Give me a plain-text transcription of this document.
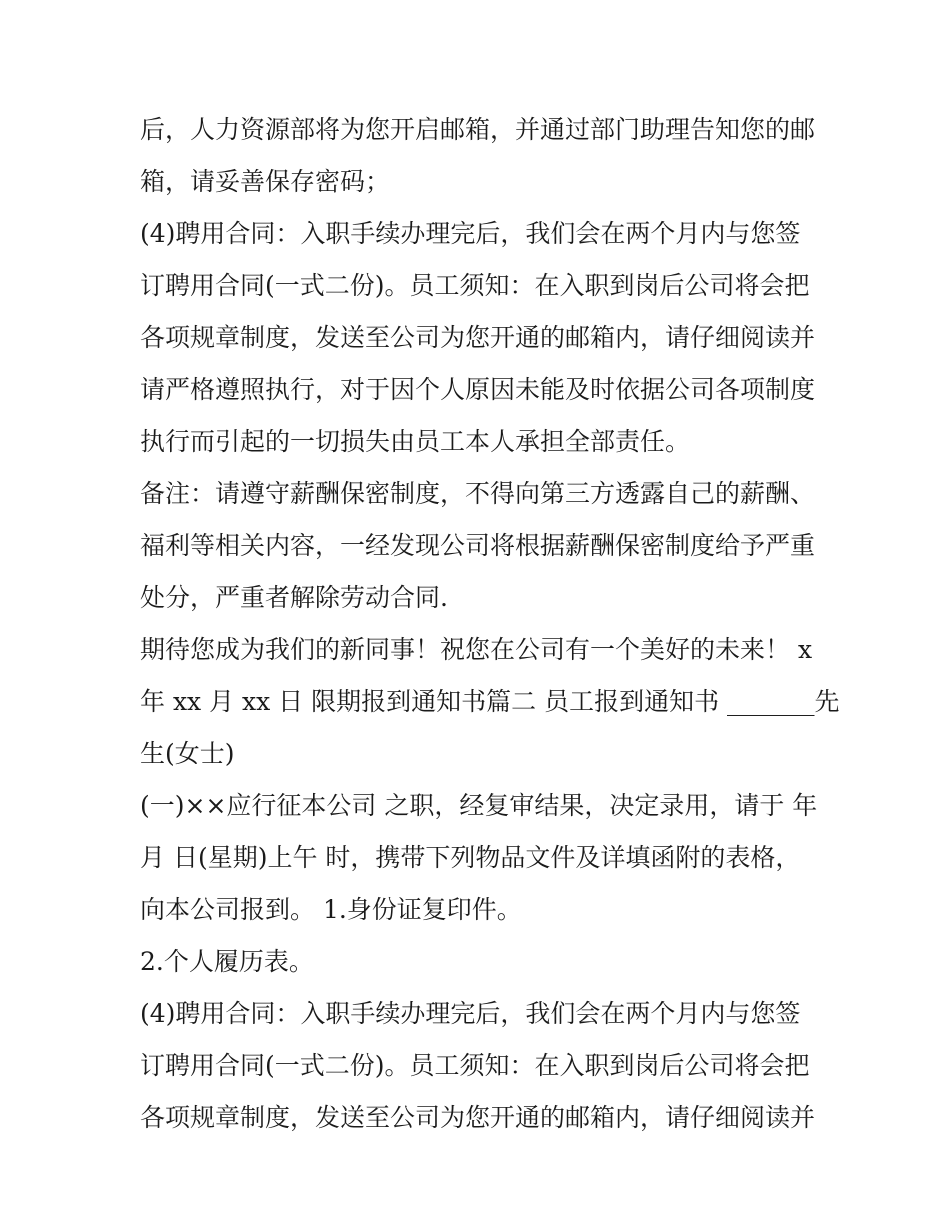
后，人力资源部将为您开启邮箱，并通过部门助理告知您的邮
箱，请妥善保存密码；
(4)聘用合同：入职手续办理完后，我们会在两个月内与您签
订聘用合同(一式二份)。员工须知：在入职到岗后公司将会把
各项规章制度，发送至公司为您开通的邮箱内，请仔细阅读并
请严格遵照执行，对于因个人原因未能及时依据公司各项制度
执行而引起的一切损失由员工本人承担全部责任。
备注：请遵守薪酬保密制度，不得向第三方透露自己的薪酬、
福利等相关内容，一经发现公司将根据薪酬保密制度给予严重
处分，严重者解除劳动合同.
期待您成为我们的新同事！祝您在公司有一个美好的未来！ x
年 xx 月 xx 日 限期报到通知书篇二 员工报到通知书 _______先
生(女士)
(一)××应行征本公司 之职，经复审结果，决定录用，请于 年
月 日(星期)上午 时，携带下列物品文件及详填函附的表格，
向本公司报到。 1.身份证复印件。
2.个人履历表。
(4)聘用合同：入职手续办理完后，我们会在两个月内与您签
订聘用合同(一式二份)。员工须知：在入职到岗后公司将会把
各项规章制度，发送至公司为您开通的邮箱内，请仔细阅读并
